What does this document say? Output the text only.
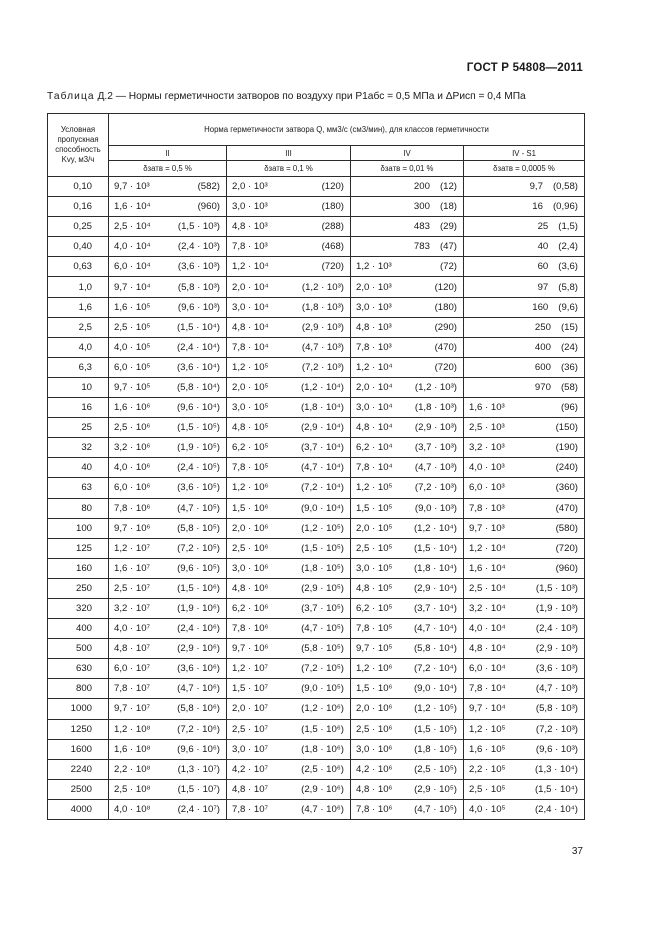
ГОСТ Р 54808—2011
Таблица Д.2 — Нормы герметичности затворов по воздуху при P1абс = 0,5 МПа и ΔPисп = 0,4 МПа
Условная пропускная способность Kvy, м3/ч	Норма герметичности затвора Q, мм3/с (см3/мин), для классов герметичности			
	II	III	IV	IV - S1
	δзатв = 0,5 %	δзатв = 0,1 %	δзатв = 0,01 %	δзатв = 0,0005 %
0,10	9,7 · 10³ (582)	2,0 · 10³ (120)	200 (12)	9,7 (0,58)

0,16	1,6 · 10⁴ (960)	3,0 · 10³ (180)	300 (18)	16 (0,96)

0,25	2,5 · 10⁴ (1,5 · 10³)	4,8 · 10³ (288)	483 (29)	25 (1,5)

0,40	4,0 · 10⁴ (2,4 · 10³)	7,8 · 10³ (468)	783 (47)	40 (2,4)

0,63	6,0 · 10⁴ (3,6 · 10³)	1,2 · 10⁴ (720)	1,2 · 10³ (72)	60 (3,6)

1,0	9,7 · 10⁴ (5,8 · 10³)	2,0 · 10⁴ (1,2 · 10³)	2,0 · 10³ (120)	97 (5,8)

1,6	1,6 · 10⁵ (9,6 · 10³)	3,0 · 10⁴ (1,8 · 10³)	3,0 · 10³ (180)	160 (9,6)

2,5	2,5 · 10⁵ (1,5 · 10⁴)	4,8 · 10⁴ (2,9 · 10³)	4,8 · 10³ (290)	250 (15)

4,0	4,0 · 10⁵ (2,4 · 10⁴)	7,8 · 10⁴ (4,7 · 10³)	7,8 · 10³ (470)	400 (24)

6,3	6,0 · 10⁵ (3,6 · 10⁴)	1,2 · 10⁵ (7,2 · 10³)	1,2 · 10⁴ (720)	600 (36)

10	9,7 · 10⁵ (5,8 · 10⁴)	2,0 · 10⁵ (1,2 · 10⁴)	2,0 · 10⁴ (1,2 · 10³)	970 (58)

16	1,6 · 10⁶ (9,6 · 10⁴)	3,0 · 10⁵ (1,8 · 10⁴)	3,0 · 10⁴ (1,8 · 10³)	1,6 · 10³ (96)

25	2,5 · 10⁶ (1,5 · 10⁵)	4,8 · 10⁵ (2,9 · 10⁴)	4,8 · 10⁴ (2,9 · 10³)	2,5 · 10³ (150)

32	3,2 · 10⁶ (1,9 · 10⁵)	6,2 · 10⁵ (3,7 · 10⁴)	6,2 · 10⁴ (3,7 · 10³)	3,2 · 10³ (190)

40	4,0 · 10⁶ (2,4 · 10⁵)	7,8 · 10⁵ (4,7 · 10⁴)	7,8 · 10⁴ (4,7 · 10³)	4,0 · 10³ (240)

63	6,0 · 10⁶ (3,6 · 10⁵)	1,2 · 10⁶ (7,2 · 10⁴)	1,2 · 10⁵ (7,2 · 10³)	6,0 · 10³ (360)

80	7,8 · 10⁶ (4,7 · 10⁵)	1,5 · 10⁶ (9,0 · 10⁴)	1,5 · 10⁵ (9,0 · 10³)	7,8 · 10³ (470)

100	9,7 · 10⁶ (5,8 · 10⁵)	2,0 · 10⁶ (1,2 · 10⁵)	2,0 · 10⁵ (1,2 · 10⁴)	9,7 · 10³ (580)

125	1,2 · 10⁷ (7,2 · 10⁵)	2,5 · 10⁶ (1,5 · 10⁵)	2,5 · 10⁵ (1,5 · 10⁴)	1,2 · 10⁴ (720)

160	1,6 · 10⁷ (9,6 · 10⁵)	3,0 · 10⁶ (1,8 · 10⁵)	3,0 · 10⁵ (1,8 · 10⁴)	1,6 · 10⁴ (960)

250	2,5 · 10⁷ (1,5 · 10⁶)	4,8 · 10⁶ (2,9 · 10⁵)	4,8 · 10⁵ (2,9 · 10⁴)	2,5 · 10⁴ (1,5 · 10³)

320	3,2 · 10⁷ (1,9 · 10⁶)	6,2 · 10⁶ (3,7 · 10⁵)	6,2 · 10⁵ (3,7 · 10⁴)	3,2 · 10⁴ (1,9 · 10³)

400	4,0 · 10⁷ (2,4 · 10⁶)	7,8 · 10⁶ (4,7 · 10⁵)	7,8 · 10⁵ (4,7 · 10⁴)	4,0 · 10⁴ (2,4 · 10³)

500	4,8 · 10⁷ (2,9 · 10⁶)	9,7 · 10⁶ (5,8 · 10⁵)	9,7 · 10⁵ (5,8 · 10⁴)	4,8 · 10⁴ (2,9 · 10³)

630	6,0 · 10⁷ (3,6 · 10⁶)	1,2 · 10⁷ (7,2 · 10⁵)	1,2 · 10⁶ (7,2 · 10⁴)	6,0 · 10⁴ (3,6 · 10³)

800	7,8 · 10⁷ (4,7 · 10⁶)	1,5 · 10⁷ (9,0 · 10⁵)	1,5 · 10⁶ (9,0 · 10⁴)	7,8 · 10⁴ (4,7 · 10³)

1000	9,7 · 10⁷ (5,8 · 10⁶)	2,0 · 10⁷ (1,2 · 10⁶)	2,0 · 10⁶ (1,2 · 10⁵)	9,7 · 10⁴ (5,8 · 10³)

1250	1,2 · 10⁸ (7,2 · 10⁶)	2,5 · 10⁷ (1,5 · 10⁶)	2,5 · 10⁶ (1,5 · 10⁵)	1,2 · 10⁵ (7,2 · 10³)

1600	1,6 · 10⁸ (9,6 · 10⁶)	3,0 · 10⁷ (1,8 · 10⁶)	3,0 · 10⁶ (1,8 · 10⁵)	1,6 · 10⁵ (9,6 · 10³)

2240	2,2 · 10⁸ (1,3 · 10⁷)	4,2 · 10⁷ (2,5 · 10⁶)	4,2 · 10⁶ (2,5 · 10⁵)	2,2 · 10⁵ (1,3 · 10⁴)

2500	2,5 · 10⁸ (1,5 · 10⁷)	4,8 · 10⁷ (2,9 · 10⁶)	4,8 · 10⁶ (2,9 · 10⁵)	2,5 · 10⁵ (1,5 · 10⁴)

4000	4,0 · 10⁸ (2,4 · 10⁷)	7,8 · 10⁷ (4,7 · 10⁶)	7,8 · 10⁶ (4,7 · 10⁵)	4,0 · 10⁵ (2,4 · 10⁴)
37
